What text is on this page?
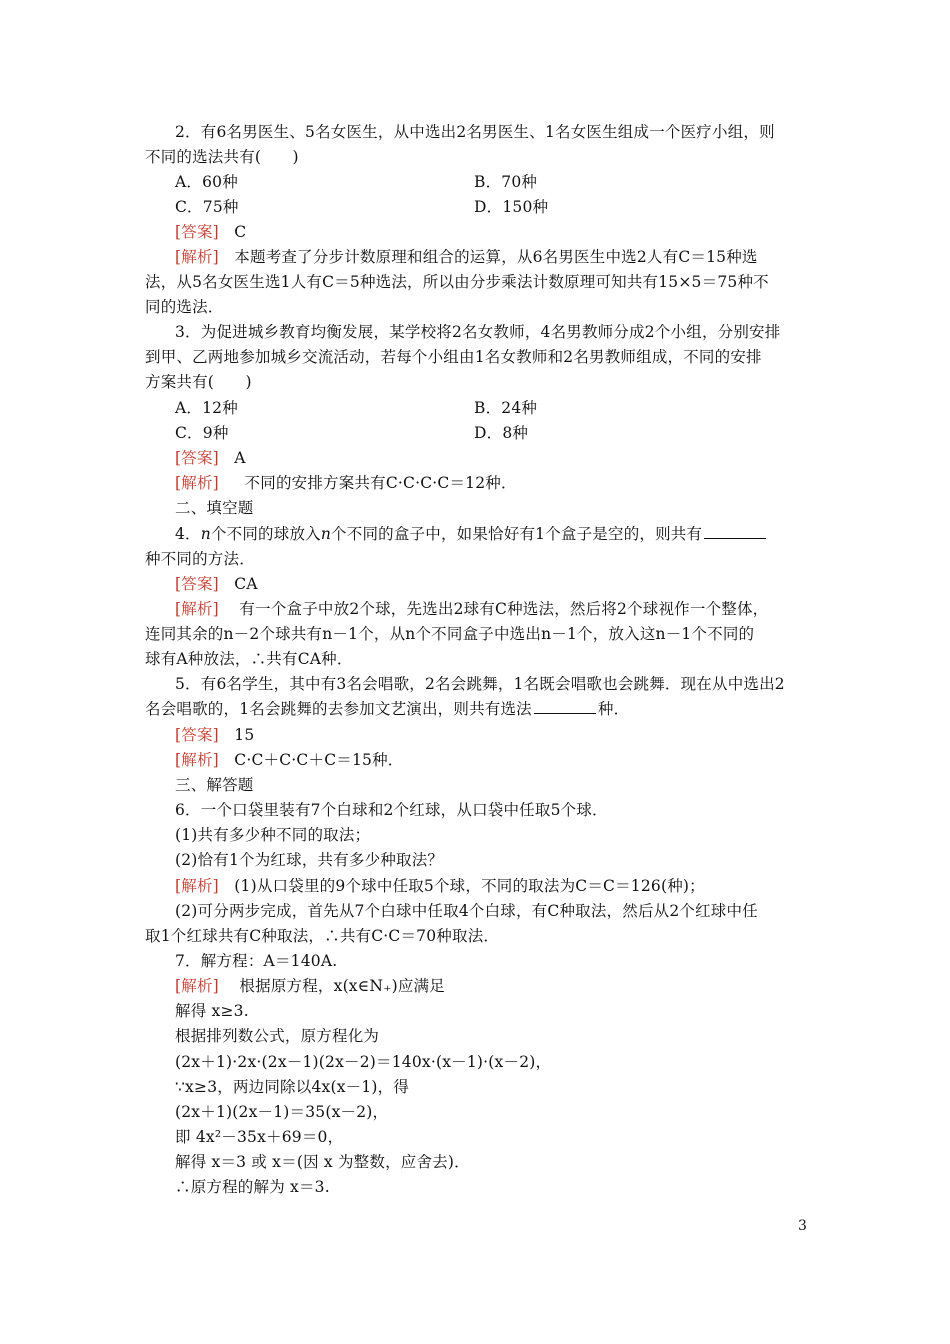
2．有6名男医生、5名女医生，从中选出2名男医生、1名女医生组成一个医疗小组，则
不同的选法共有(　　)
A．60种	B．70种
C．75种	D．150种
[答案] C
[解析] 本题考查了分步计数原理和组合的运算，从6名男医生中选2人有C＝15种选
法，从5名女医生选1人有C＝5种选法，所以由分步乘法计数原理可知共有15×5＝75种不
同的选法．
3．为促进城乡教育均衡发展，某学校将2名女教师，4名男教师分成2个小组，分别安排
到甲、乙两地参加城乡交流活动，若每个小组由1名女教师和2名男教师组成，不同的安排
方案共有(　　)
A．12种	B．24种
C．9种	D．8种
[答案] A
[解析] 不同的安排方案共有C·C·C·C＝12种．
二、填空题
4．n个不同的球放入n个不同的盒子中，如果恰好有1个盒子是空的，则共有
种不同的方法．
[答案] CA
[解析] 有一个盒子中放2个球，先选出2球有C种选法，然后将2个球视作一个整体，
连同其余的n－2个球共有n－1个，从n个不同盒子中选出n－1个，放入这n－1个不同的
球有A种放法，∴共有CA种．
5．有6名学生，其中有3名会唱歌，2名会跳舞，1名既会唱歌也会跳舞．现在从中选出2
名会唱歌的，1名会跳舞的去参加文艺演出，则共有选法	种．
[答案] 15
[解析] C·C＋C·C＋C＝15种．
三、解答题
6．一个口袋里装有7个白球和2个红球，从口袋中任取5个球．
(1)共有多少种不同的取法；
(2)恰有1个为红球，共有多少种取法？
[解析] (1)从口袋里的9个球中任取5个球，不同的取法为C＝C＝126(种)；
(2)可分两步完成，首先从7个白球中任取4个白球，有C种取法，然后从2个红球中任
取1个红球共有C种取法，∴共有C·C＝70种取法．
7．解方程：A＝140A.
[解析] 根据原方程，x(x∈N₊)应满足
解得 x≥3.
根据排列数公式，原方程化为
(2x＋1)·2x·(2x－1)(2x－2)＝140x·(x－1)·(x－2)，
∵x≥3，两边同除以4x(x－1)，得
(2x＋1)(2x－1)＝35(x－2)，
即 4x²－35x＋69＝0，
解得 x＝3 或 x＝(因 x 为整数，应舍去)．
∴原方程的解为 x＝3.
3
